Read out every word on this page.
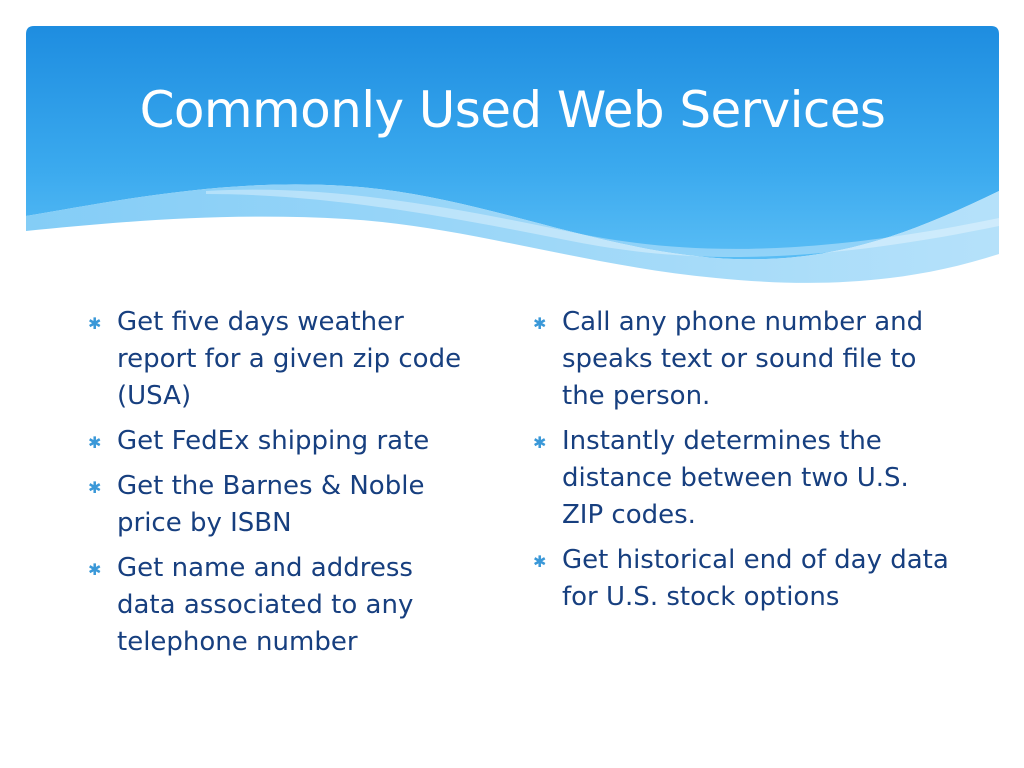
Commonly Used Web Services
✱ Get five days weather report for a given zip code (USA)
✱ Get FedEx shipping rate
✱ Get the Barnes & Noble price by ISBN
✱ Get name and address data associated to any telephone number
✱ Call any phone number and speaks text or sound file to the person.
✱ Instantly determines the distance between two U.S. ZIP codes.
✱ Get historical end of day data for U.S. stock options
